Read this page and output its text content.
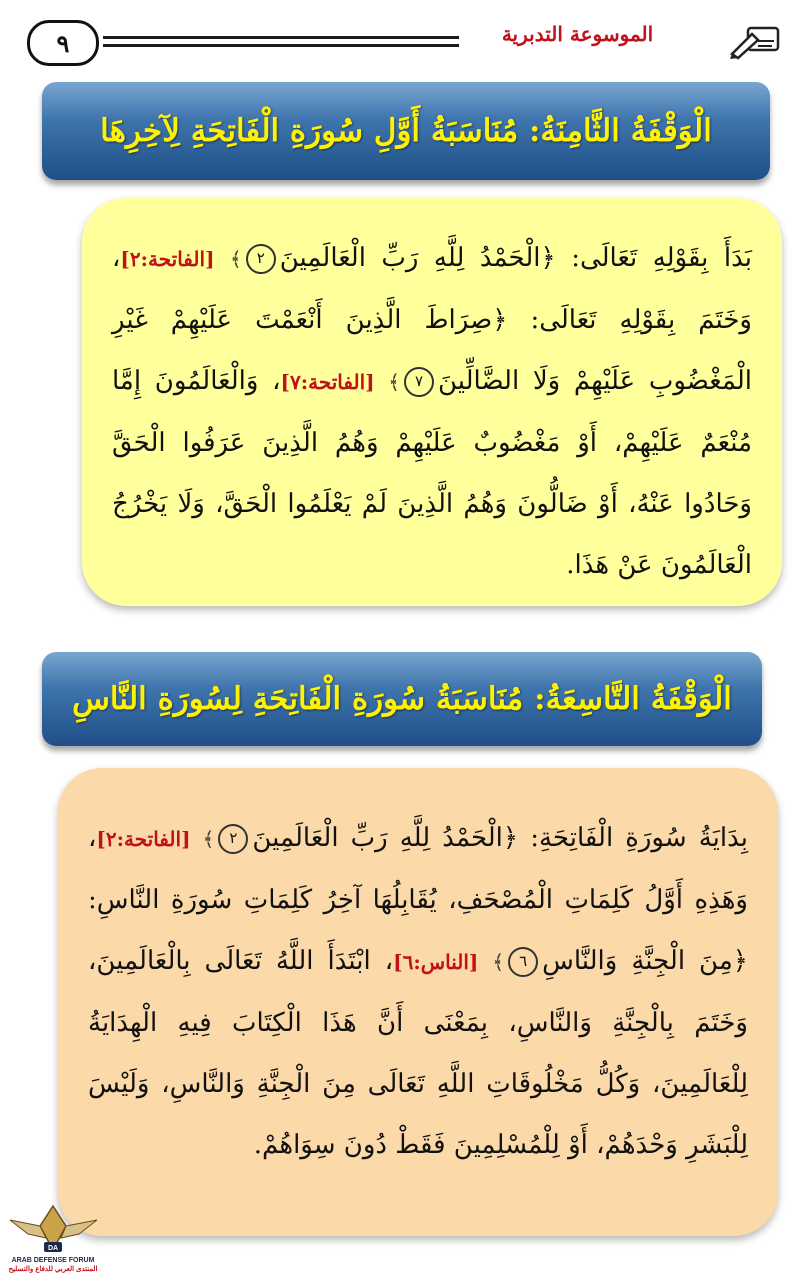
٩	الموسوعة التدبرية
الْوَقْفَةُ الثَّامِنَةُ: مُنَاسَبَةُ أَوَّلِ سُورَةِ الْفَاتِحَةِ لِآخِرِهَا

بَدَأَ بِقَوْلِهِ تَعَالَى: ﴿الْحَمْدُ لِلَّهِ رَبِّ الْعَالَمِينَ٢﴾ [الفاتحة:٢]، وَخَتَمَ بِقَوْلِهِ تَعَالَى: ﴿صِرَاطَ الَّذِينَ أَنْعَمْتَ عَلَيْهِمْ غَيْرِ الْمَغْضُوبِ عَلَيْهِمْ وَلَا الضَّالِّينَ٧﴾ [الفاتحة:٧]، وَالْعَالَمُونَ إِمَّا مُنْعَمٌ عَلَيْهِمْ، أَوْ مَغْضُوبٌ عَلَيْهِمْ وَهُمُ الَّذِينَ عَرَفُوا الْحَقَّ وَحَادُوا عَنْهُ، أَوْ ضَالُّونَ وَهُمُ الَّذِينَ لَمْ يَعْلَمُوا الْحَقَّ، وَلَا يَخْرُجُ الْعَالَمُونَ عَنْ هَذَا.

الْوَقْفَةُ التَّاسِعَةُ: مُنَاسَبَةُ سُورَةِ الْفَاتِحَةِ لِسُورَةِ النَّاسِ

بِدَايَةُ سُورَةِ الْفَاتِحَةِ: ﴿الْحَمْدُ لِلَّهِ رَبِّ الْعَالَمِينَ٢﴾ [الفاتحة:٢]، وَهَذِهِ أَوَّلُ كَلِمَاتِ الْمُصْحَفِ، يُقَابِلُهَا آخِرُ كَلِمَاتِ سُورَةِ النَّاسِ: ﴿مِنَ الْجِنَّةِ وَالنَّاسِ٦﴾ [الناس:٦]، ابْتَدَأَ اللَّهُ تَعَالَى بِالْعَالَمِينَ، وَخَتَمَ بِالْجِنَّةِ وَالنَّاسِ، بِمَعْنَى أَنَّ هَذَا الْكِتَابَ فِيهِ الْهِدَايَةُ لِلْعَالَمِينَ، وَكُلُّ مَخْلُوقَاتِ اللَّهِ تَعَالَى مِنَ الْجِنَّةِ وَالنَّاسِ، وَلَيْسَ لِلْبَشَرِ وَحْدَهُمْ، أَوْ لِلْمُسْلِمِينَ فَقَطْ دُونَ سِوَاهُمْ.

DA
ARAB DEFENSE FORUM
المنتدى العربي للدفاع والتسليح
